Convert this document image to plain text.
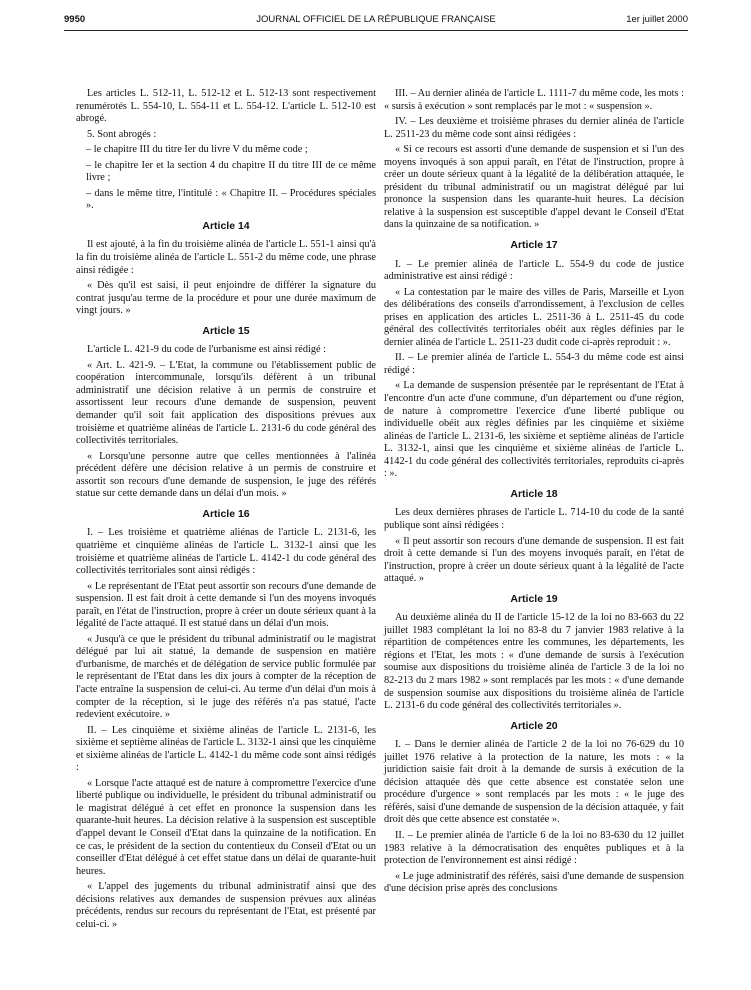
9950	JOURNAL OFFICIEL DE LA RÉPUBLIQUE FRANÇAISE	1er juillet 2000

Les articles L. 512-11, L. 512-12 et L. 512-13 sont respectivement renumérotés L. 554-10, L. 554-11 et L. 554-12. L'article L. 512-10 est abrogé.

5. Sont abrogés :

– le chapitre III du titre Ier du livre V du même code ;

– le chapitre Ier et la section 4 du chapitre II du titre III de ce même livre ;

– dans le même titre, l'intitulé : « Chapitre II. – Procédures spéciales ».

Article 14

Il est ajouté, à la fin du troisième alinéa de l'article L. 551-1 ainsi qu'à la fin du troisième alinéa de l'article L. 551-2 du même code, une phrase ainsi rédigée :

« Dès qu'il est saisi, il peut enjoindre de différer la signature du contrat jusqu'au terme de la procédure et pour une durée maximum de vingt jours. »

Article 15

L'article L. 421-9 du code de l'urbanisme est ainsi rédigé :

« Art. L. 421-9. – L'Etat, la commune ou l'établissement public de coopération intercommunale, lorsqu'ils défèrent à un tribunal administratif une décision relative à un permis de construire et assortissent leur recours d'une demande de suspension, peuvent demander qu'il soit fait application des dispositions prévues aux troisième et quatrième alinéas de l'article L. 2131-6 du code général des collectivités territoriales.

« Lorsqu'une personne autre que celles mentionnées à l'alinéa précédent défère une décision relative à un permis de construire et assortit son recours d'une demande de suspension, le juge des référés statue sur cette demande dans un délai d'un mois. »

Article 16

I. – Les troisième et quatrième aliénas de l'article L. 2131-6, les quatrième et cinquième alinéas de l'article L. 3132-1 ainsi que les troisième et quatrième alinéas de l'article L. 4142-1 du code général des collectivités territoriales sont ainsi rédigés :

« Le représentant de l'Etat peut assortir son recours d'une demande de suspension. Il est fait droit à cette demande si l'un des moyens invoqués paraît, en l'état de l'instruction, propre à créer un doute sérieux quant à la légalité de l'acte attaqué. Il est statué dans un délai d'un mois.

« Jusqu'à ce que le président du tribunal administratif ou le magistrat délégué par lui ait statué, la demande de suspension en matière d'urbanisme, de marchés et de délégation de service public formulée par le représentant de l'Etat dans les dix jours à compter de la réception de l'acte entraîne la suspension de celui-ci. Au terme d'un délai d'un mois à compter de la réception, si le juge des référés n'a pas statué, l'acte redevient exécutoire. »

II. – Les cinquième et sixième alinéas de l'article L. 2131-6, les sixième et septième alinéas de l'article L. 3132-1 ainsi que les cinquième et sixième alinéas de l'article L. 4142-1 du même code sont ainsi rédigés :

« Lorsque l'acte attaqué est de nature à compromettre l'exercice d'une liberté publique ou individuelle, le président du tribunal administratif ou le magistrat délégué à cet effet en prononce la suspension dans les quarante-huit heures. La décision relative à la suspension est susceptible d'appel devant le Conseil d'Etat dans la quinzaine de la notification. En ce cas, le président de la section du contentieux du Conseil d'Etat ou un conseiller d'Etat délégué à cet effet statue dans un délai de quarante-huit heures.

« L'appel des jugements du tribunal administratif ainsi que des décisions relatives aux demandes de suspension prévues aux alinéas précédents, rendus sur recours du représentant de l'Etat, est présenté par celui-ci. »

III. – Au dernier alinéa de l'article L. 1111-7 du même code, les mots : « sursis à exécution » sont remplacés par le mot : « suspension ».

IV. – Les deuxième et troisième phrases du dernier alinéa de l'article L. 2511-23 du même code sont ainsi rédigées :

« Si ce recours est assorti d'une demande de suspension et si l'un des moyens invoqués à son appui paraît, en l'état de l'instruction, propre à créer un doute sérieux quant à la légalité de la délibération attaquée, le président du tribunal administratif ou un magistrat délégué par lui prononce la suspension dans les quarante-huit heures. La décision relative à la suspension est susceptible d'appel devant le Conseil d'Etat dans la quinzaine de sa notification. »

Article 17

I. – Le premier alinéa de l'article L. 554-9 du code de justice administrative est ainsi rédigé :

« La contestation par le maire des villes de Paris, Marseille et Lyon des délibérations des conseils d'arrondissement, à l'exclusion de celles prises en application des articles L. 2511-36 à L. 2511-45 du code général des collectivités territoriales obéit aux règles définies par le dernier alinéa de l'article L. 2511-23 dudit code ci-après reproduit : ».

II. – Le premier alinéa de l'article L. 554-3 du même code est ainsi rédigé :

« La demande de suspension présentée par le représentant de l'Etat à l'encontre d'un acte d'une commune, d'un département ou d'une région, de nature à compromettre l'exercice d'une liberté publique ou individuelle obéit aux règles définies par les cinquième et sixième alinéas de l'article L. 2131-6, les sixième et septième alinéas de l'article L. 3132-1, ainsi que les cinquième et sixième alinéas de l'article L. 4142-1 du code général des collectivités territoriales, reproduits ci-après : ».

Article 18

Les deux dernières phrases de l'article L. 714-10 du code de la santé publique sont ainsi rédigées :

« Il peut assortir son recours d'une demande de suspension. Il est fait droit à cette demande si l'un des moyens invoqués paraît, en l'état de l'instruction, propre à créer un doute sérieux quant à la légalité de l'acte attaqué. »

Article 19

Au deuxième alinéa du II de l'article 15-12 de la loi no 83-663 du 22 juillet 1983 complétant la loi no 83-8 du 7 janvier 1983 relative à la répartition de compétences entre les communes, les départements, les régions et l'Etat, les mots : « d'une demande de sursis à l'exécution soumise aux dispositions du troisième alinéa de l'article 3 de la loi no 82-213 du 2 mars 1982 » sont remplacés par les mots : « d'une demande de suspension soumise aux dispositions du troisième alinéa de l'article L. 2131-6 du code général des collectivités territoriales ».

Article 20

I. – Dans le dernier alinéa de l'article 2 de la loi no 76-629 du 10 juillet 1976 relative à la protection de la nature, les mots : « la juridiction saisie fait droit à la demande de sursis à exécution de la décision attaquée dès que cette absence est constatée selon une procédure d'urgence » sont remplacés par les mots : « le juge des référés, saisi d'une demande de suspension de la décision attaquée, y fait droit dès que cette absence est constatée ».

II. – Le premier alinéa de l'article 6 de la loi no 83-630 du 12 juillet 1983 relative à la démocratisation des enquêtes publiques et à la protection de l'environnement est ainsi rédigé :

« Le juge administratif des référés, saisi d'une demande de suspension d'une décision prise après des conclusions
